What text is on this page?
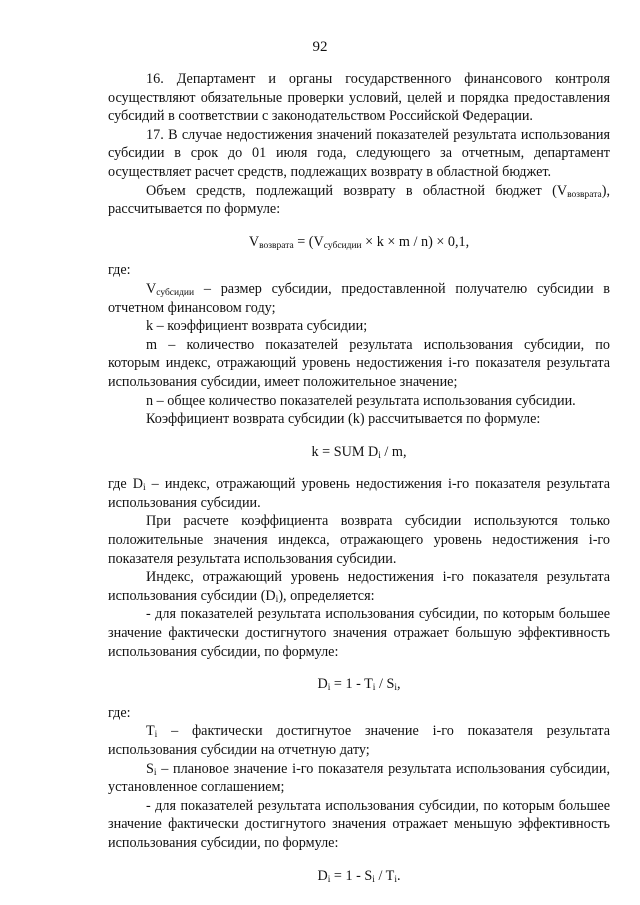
92

16. Департамент и органы государственного финансового контроля осуществляют обязательные проверки условий, целей и порядка предоставления субсидий в соответствии с законодательством Российской Федерации.

17. В случае недостижения значений показателей результата использования субсидии в срок до 01 июля года, следующего за отчетным, департамент осуществляет расчет средств, подлежащих возврату в областной бюджет.

Объем средств, подлежащий возврату в областной бюджет $(V_{возврата})$, рассчитывается по формуле:

$V_{возврата} = (V_{субсидии} \times k \times m / n) \times 0,1$,

где:

$V_{субсидии}$ – размер субсидии, предоставленной получателю субсидии в отчетном финансовом году;

k – коэффициент возврата субсидии;

m – количество показателей результата использования субсидии, по которым индекс, отражающий уровень недостижения i-го показателя результата использования субсидии, имеет положительное значение;

n – общее количество показателей результата использования субсидии.

Коэффициент возврата субсидии (k) рассчитывается по формуле:

k = SUM $D_i$ / m,

где $D_i$ – индекс, отражающий уровень недостижения i-го показателя результата использования субсидии.

При расчете коэффициента возврата субсидии используются только положительные значения индекса, отражающего уровень недостижения i-го показателя результата использования субсидии.

Индекс, отражающий уровень недостижения i-го показателя результата использования субсидии $(D_i)$, определяется:

- для показателей результата использования субсидии, по которым большее значение фактически достигнутого значения отражает большую эффективность использования субсидии, по формуле:

$D_i = 1 - T_i / S_i$,

где:

$T_i$ – фактически достигнутое значение i-го показателя результата использования субсидии на отчетную дату;

$S_i$ – плановое значение i-го показателя результата использования субсидии, установленное соглашением;

- для показателей результата использования субсидии, по которым большее значение фактически достигнутого значения отражает меньшую эффективность использования субсидии, по формуле:

$D_i = 1 - S_i / T_i$.
